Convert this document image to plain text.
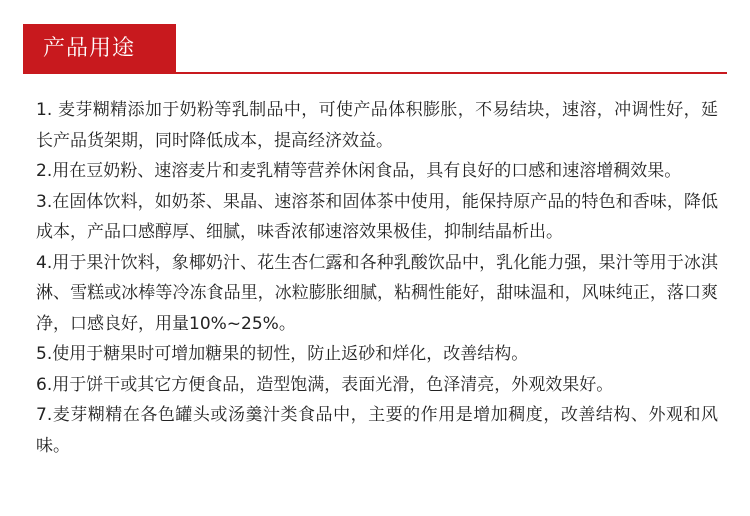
产品用途

1. 麦芽糊精添加于奶粉等乳制品中，可使产品体积膨胀，不易结块，速溶，冲调性好，延长产品货架期，同时降低成本，提高经济效益。

2.用在豆奶粉、速溶麦片和麦乳精等营养休闲食品，具有良好的口感和速溶增稠效果。

3.在固体饮料，如奶茶、果晶、速溶茶和固体茶中使用，能保持原产品的特色和香味，降低成本，产品口感醇厚、细腻，味香浓郁速溶效果极佳，抑制结晶析出。

4.用于果汁饮料，象椰奶汁、花生杏仁露和各种乳酸饮品中，乳化能力强，果汁等用于冰淇淋、雪糕或冰棒等冷冻食品里，冰粒膨胀细腻，粘稠性能好，甜味温和，风味纯正，落口爽净，口感良好，用量10%~25%。

5.使用于糖果时可增加糖果的韧性，防止返砂和烊化，改善结构。

6.用于饼干或其它方便食品，造型饱满，表面光滑，色泽清亮，外观效果好。

7.麦芽糊精在各色罐头或汤羹汁类食品中，主要的作用是增加稠度，改善结构、外观和风味。
